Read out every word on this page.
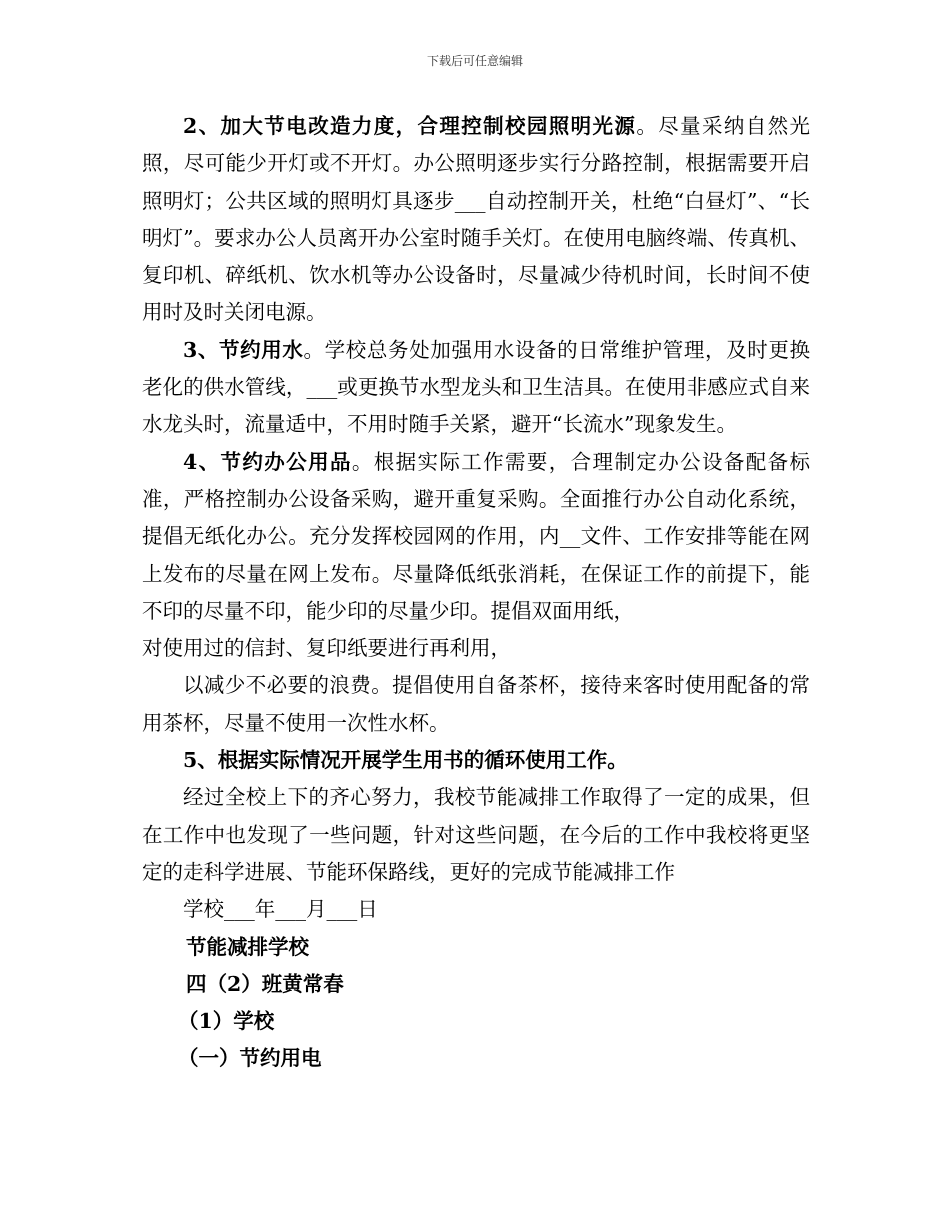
下载后可任意编辑

2、加大节电改造力度，合理控制校园照明光源。尽量采纳自然光照，尽可能少开灯或不开灯。办公照明逐步实行分路控制，根据需要开启照明灯；公共区域的照明灯具逐步___自动控制开关，杜绝“白昼灯”、“长明灯”。要求办公人员离开办公室时随手关灯。在使用电脑终端、传真机、复印机、碎纸机、饮水机等办公设备时，尽量减少待机时间，长时间不使用时及时关闭电源。

3、节约用水。学校总务处加强用水设备的日常维护管理，及时更换老化的供水管线，___或更换节水型龙头和卫生洁具。在使用非感应式自来水龙头时，流量适中，不用时随手关紧，避开“长流水”现象发生。

4、节约办公用品。根据实际工作需要，合理制定办公设备配备标准，严格控制办公设备采购，避开重复采购。全面推行办公自动化系统，提倡无纸化办公。充分发挥校园网的作用，内__文件、工作安排等能在网上发布的尽量在网上发布。尽量降低纸张消耗，在保证工作的前提下，能不印的尽量不印，能少印的尽量少印。提倡双面用纸，

对使用过的信封、复印纸要进行再利用，

以减少不必要的浪费。提倡使用自备茶杯，接待来客时使用配备的常用茶杯，尽量不使用一次性水杯。

5、根据实际情况开展学生用书的循环使用工作。

经过全校上下的齐心努力，我校节能减排工作取得了一定的成果，但在工作中也发现了一些问题，针对这些问题，在今后的工作中我校将更坚定的走科学进展、节能环保路线，更好的完成节能减排工作

学校___年___月___日

节能减排学校

四（2）班黄常春

（1）学校

（一）节约用电
